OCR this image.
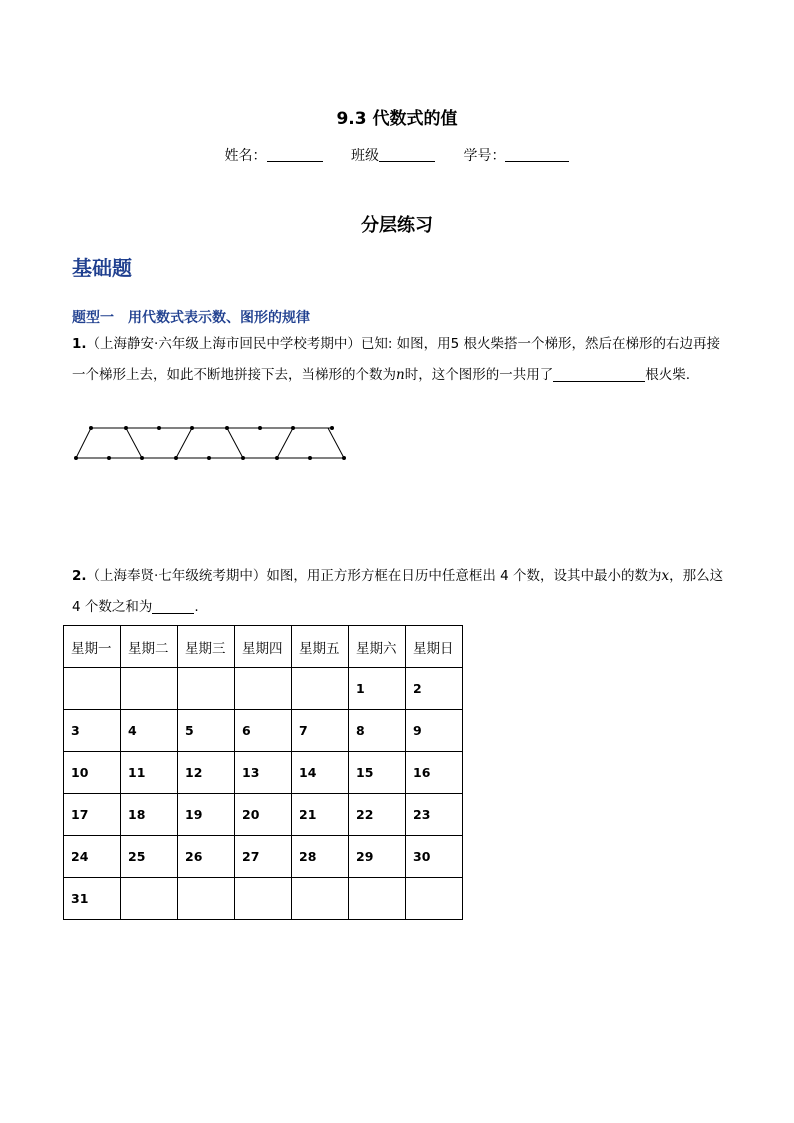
9.3 代数式的值
姓名：	班级	学号：
分层练习
基础题
题型一 用代数式表示数、图形的规律
1.（上海静安·六年级上海市回民中学校考期中）已知: 如图，用5 根火柴搭一个梯形，然后在梯形的右边再接一个梯形上去，如此不断地拼接下去，当梯形的个数为n时，这个图形的一共用了	根火柴.
2.（上海奉贤·七年级统考期中）如图，用正方形方框在日历中任意框出 4 个数，设其中最小的数为x，那么这 4 个数之和为	.
星期一	星期二	星期三	星期四	星期五	星期六	星期日
					1	2
3	4	5	6	7	8	9
10	11	12	13	14	15	16
17	18	19	20	21	22	23
24	25	26	27	28	29	30
31						
